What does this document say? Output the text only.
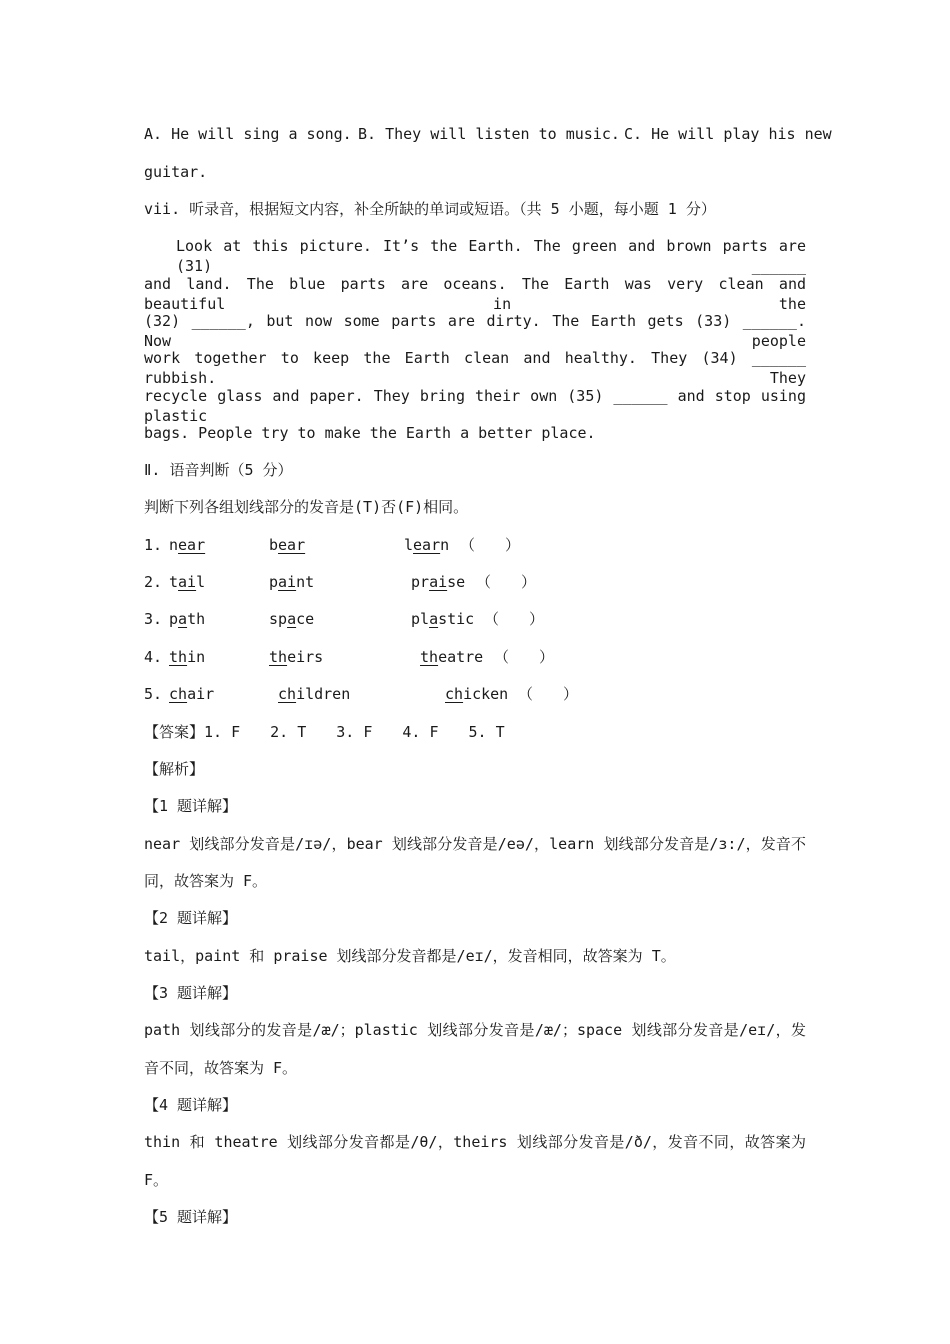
A. He will sing a song. B. They will listen to music. C. He will play his new
guitar.
vii. 听录音，根据短文内容，补全所缺的单词或短语。（共 5 小题，每小题 1 分）
Look at this picture. It’s the Earth. The green and brown parts are (31) ______
and land. The blue parts are oceans. The Earth was very clean and beautiful in the
(32) ______, but now some parts are dirty. The Earth gets (33) ______. Now people
work together to keep the Earth clean and healthy. They (34) ______ rubbish. They
recycle glass and paper. They bring their own (35) ______ and stop using plastic
bags. People try to make the Earth a better place.
Ⅱ. 语音判断（5 分）
判断下列各组划线部分的发音是(T)否(F)相同。
1. near	bear	learn （　　）
2. tail	paint	praise （　　）
3. path	space	plastic （　　）
4. thin	theirs	theatre （　　）
5. chair	children	chicken （　　）
【答案】1. F　　2. T　　3. F　　4. F　　5. T
【解析】
【1 题详解】
near 划线部分发音是/ɪə/，bear 划线部分发音是/eə/，learn 划线部分发音是/ɜ:/，发音不
同，故答案为 F。
【2 题详解】
tail，paint 和 praise 划线部分发音都是/eɪ/，发音相同，故答案为 T。
【3 题详解】
path 划线部分的发音是/æ/；plastic 划线部分发音是/æ/；space 划线部分发音是/eɪ/，发
音不同，故答案为 F。
【4 题详解】
thin 和 theatre 划线部分发音都是/θ/，theirs 划线部分发音是/ð/，发音不同，故答案为
F。
【5 题详解】
